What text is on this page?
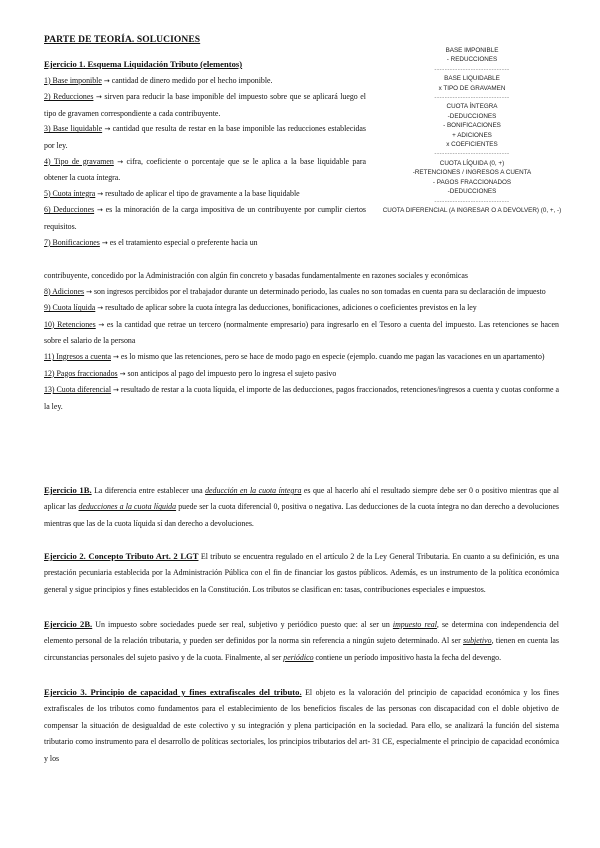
PARTE DE TEORÍA. SOLUCIONES

Ejercicio 1. Esquema Liquidación Tributo (elementos)

1) Base imponible → cantidad de dinero medido por el hecho imponible.

2) Reducciones → sirven para reducir la base imponible del impuesto sobre que se aplicará luego el tipo de gravamen correspondiente a cada contribuyente.

3) Base liquidable → cantidad que resulta de restar en la base imponible las reducciones establecidas por ley.

4) Tipo de gravamen → cifra, coeficiente o porcentaje que se le aplica a la base liquidable para obtener la cuota íntegra.

5) Cuota íntegra → resultado de aplicar el tipo de gravamente a la base liquidable

6) Deducciones → es la minoración de la carga impositiva de un contribuyente por cumplir ciertos requisitos.

7) Bonificaciones → es el tratamiento especial o preferente hacia un

BASE IMPONIBLE
- REDUCCIONES
-----------------------------
BASE LIQUIDABLE
x TIPO DE GRAVAMEN
-----------------------------
CUOTA ÍNTEGRA
-DEDUCCIONES
- BONIFICACIONES
+ ADICIONES
x COEFICIENTES
-----------------------------
CUOTA LÍQUIDA (0, +)
-RETENCIONES / INGRESOS A CUENTA
- PAGOS FRACCIONADOS
-DEDUCCIONES
-----------------------------
CUOTA DIFERENCIAL (A INGRESAR O A DEVOLVER) (0, +, -)

contribuyente, concedido por la Administración con algún fin concreto y basadas fundamentalmente en razones sociales y económicas

8) Adiciones → son ingresos percibidos por el trabajador durante un determinado periodo, las cuales no son tomadas en cuenta para su declaración de impuesto

9) Cuota líquida → resultado de aplicar sobre la cuota íntegra las deducciones, bonificaciones, adiciones o coeficientes previstos en la ley

10) Retenciones → es la cantidad que retrae un tercero (normalmente empresario) para ingresarlo en el Tesoro a cuenta del impuesto. Las retenciones se hacen sobre el salario de la persona

11) Ingresos a cuenta → es lo mismo que las retenciones, pero se hace de modo pago en especie (ejemplo. cuando me pagan las vacaciones en un apartamento)

12) Pagos fraccionados → son anticipos al pago del impuesto pero lo ingresa el sujeto pasivo

13) Cuota diferencial → resultado de restar a la cuota líquida, el importe de las deducciones, pagos fraccionados, retenciones/ingresos a cuenta y cuotas conforme a la ley.

Ejercicio 1B. La diferencia entre establecer una deducción en la cuota íntegra es que al hacerlo ahí el resultado siempre debe ser 0 o positivo mientras que al aplicar las deducciones a la cuota líquida puede ser la cuota diferencial 0, positiva o negativa. Las deducciones de la cuota íntegra no dan derecho a devoluciones mientras que las de la cuota líquida sí dan derecho a devoluciones.

Ejercicio 2. Concepto Tributo Art. 2 LGT El tributo se encuentra regulado en el artículo 2 de la Ley General Tributaria. En cuanto a su definición, es una prestación pecuniaria establecida por la Administración Pública con el fin de financiar los gastos públicos. Además, es un instrumento de la política económica general y sigue principios y fines establecidos en la Constitución. Los tributos se clasifican en: tasas, contribuciones especiales e impuestos.

Ejercicio 2B. Un impuesto sobre sociedades puede ser real, subjetivo y periódico puesto que: al ser un impuesto real, se determina con independencia del elemento personal de la relación tributaria, y pueden ser definidos por la norma sin referencia a ningún sujeto determinado. Al ser subjetivo, tienen en cuenta las circunstancias personales del sujeto pasivo y de la cuota. Finalmente, al ser periódico contiene un período impositivo hasta la fecha del devengo.

Ejercicio 3. Principio de capacidad y fines extrafiscales del tributo. El objeto es la valoración del principio de capacidad económica y los fines extrafiscales de los tributos como fundamentos para el establecimiento de los beneficios fiscales de las personas con discapacidad con el doble objetivo de compensar la situación de desigualdad de este colectivo y su integración y plena participación en la sociedad. Para ello, se analizará la función del sistema tributario como instrumento para el desarrollo de políticas sectoriales, los principios tributarios del art- 31 CE, especialmente el principio de capacidad económica y los
